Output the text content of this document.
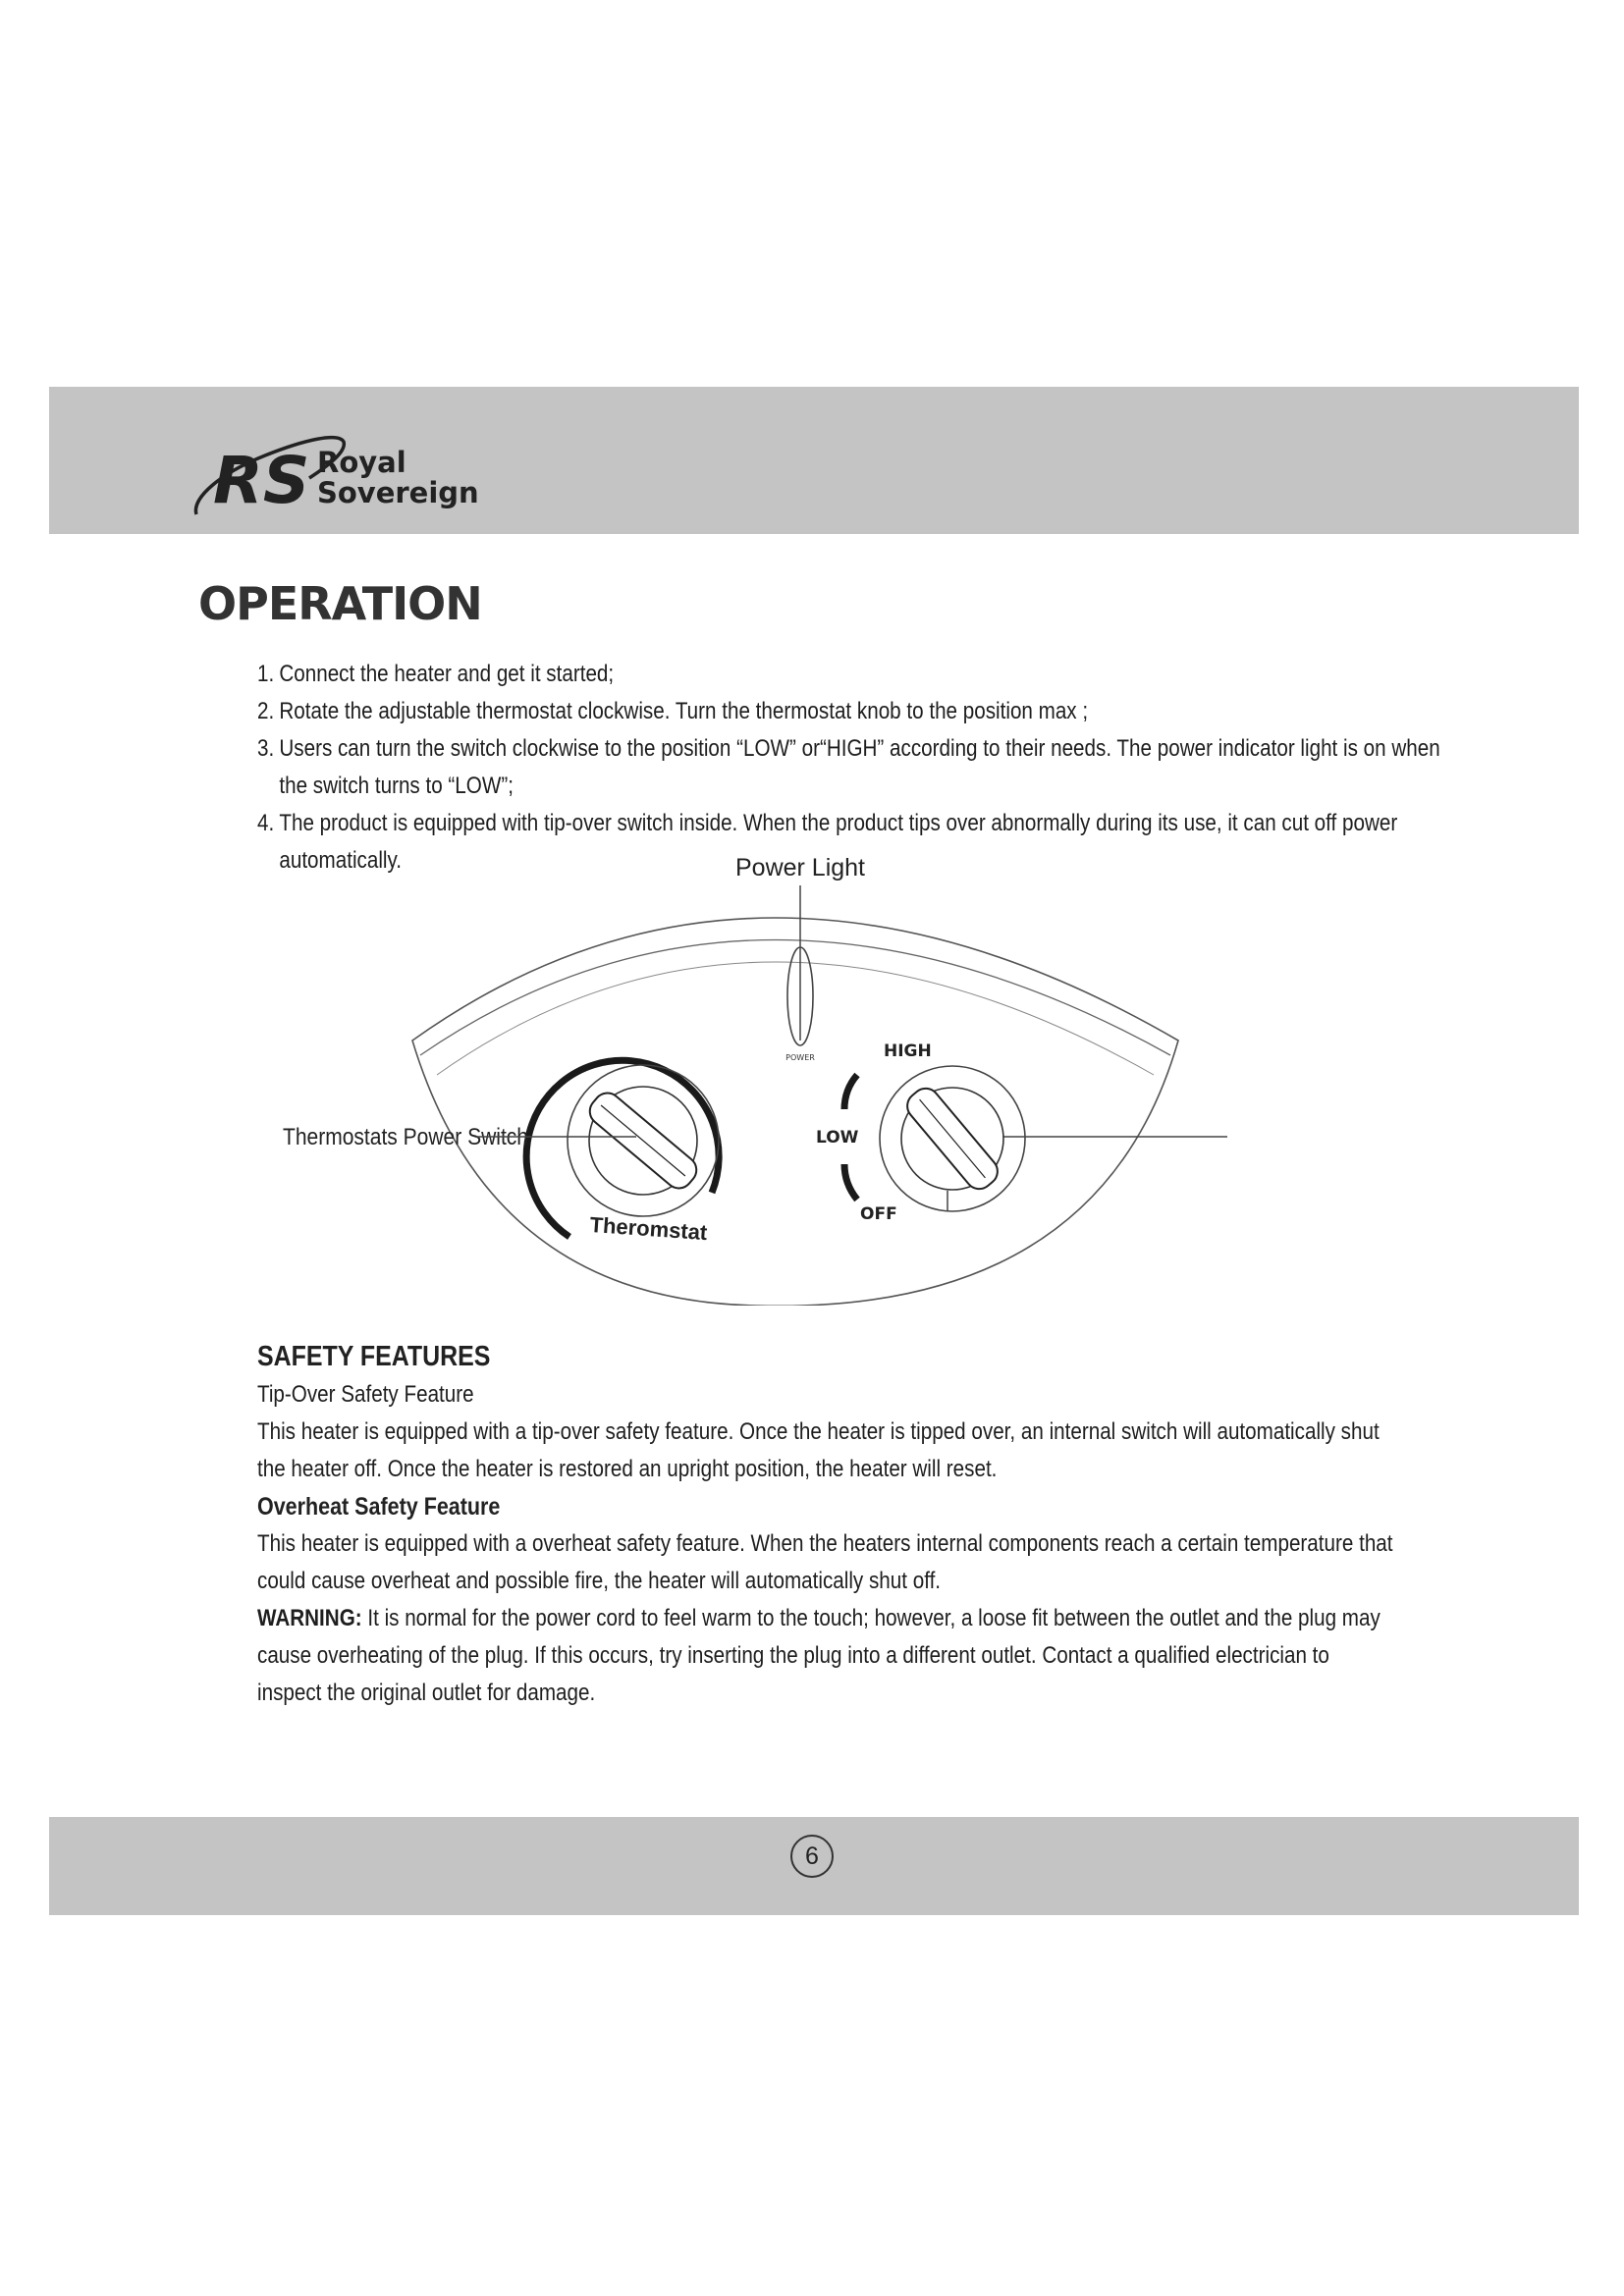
RS Royal
Sovereign
OPERATION
1. Connect the heater and get it started;
2. Rotate the adjustable thermostat clockwise. Turn the thermostat knob to the position max ;
3. Users can turn the switch clockwise to the position “LOW” or“HIGH” according to their needs. The power indicator light is on when the switch turns to “LOW”;
4. The product is equipped with tip-over switch inside. When the product tips over abnormally during its use, it can cut off power automatically.	Power Light
POWER
Theromstat
Thermostats Power Switch
HIGH
LOW
OFF
SAFETY FEATURES
Tip-Over Safety Feature
This heater is equipped with a tip-over safety feature. Once the heater is tipped over, an internal switch will automatically shut
the heater off. Once the heater is restored an upright position, the heater will reset.
Overheat Safety Feature
This heater is equipped with a overheat safety feature. When the heaters internal components reach a certain temperature that
could cause overheat and possible fire, the heater will automatically shut off.
WARNING: It is normal for the power cord to feel warm to the touch; however, a loose fit between the outlet and the plug may
cause overheating of the plug. If this occurs, try inserting the plug into a different outlet. Contact a qualified electrician to
inspect the original outlet for damage.
6
